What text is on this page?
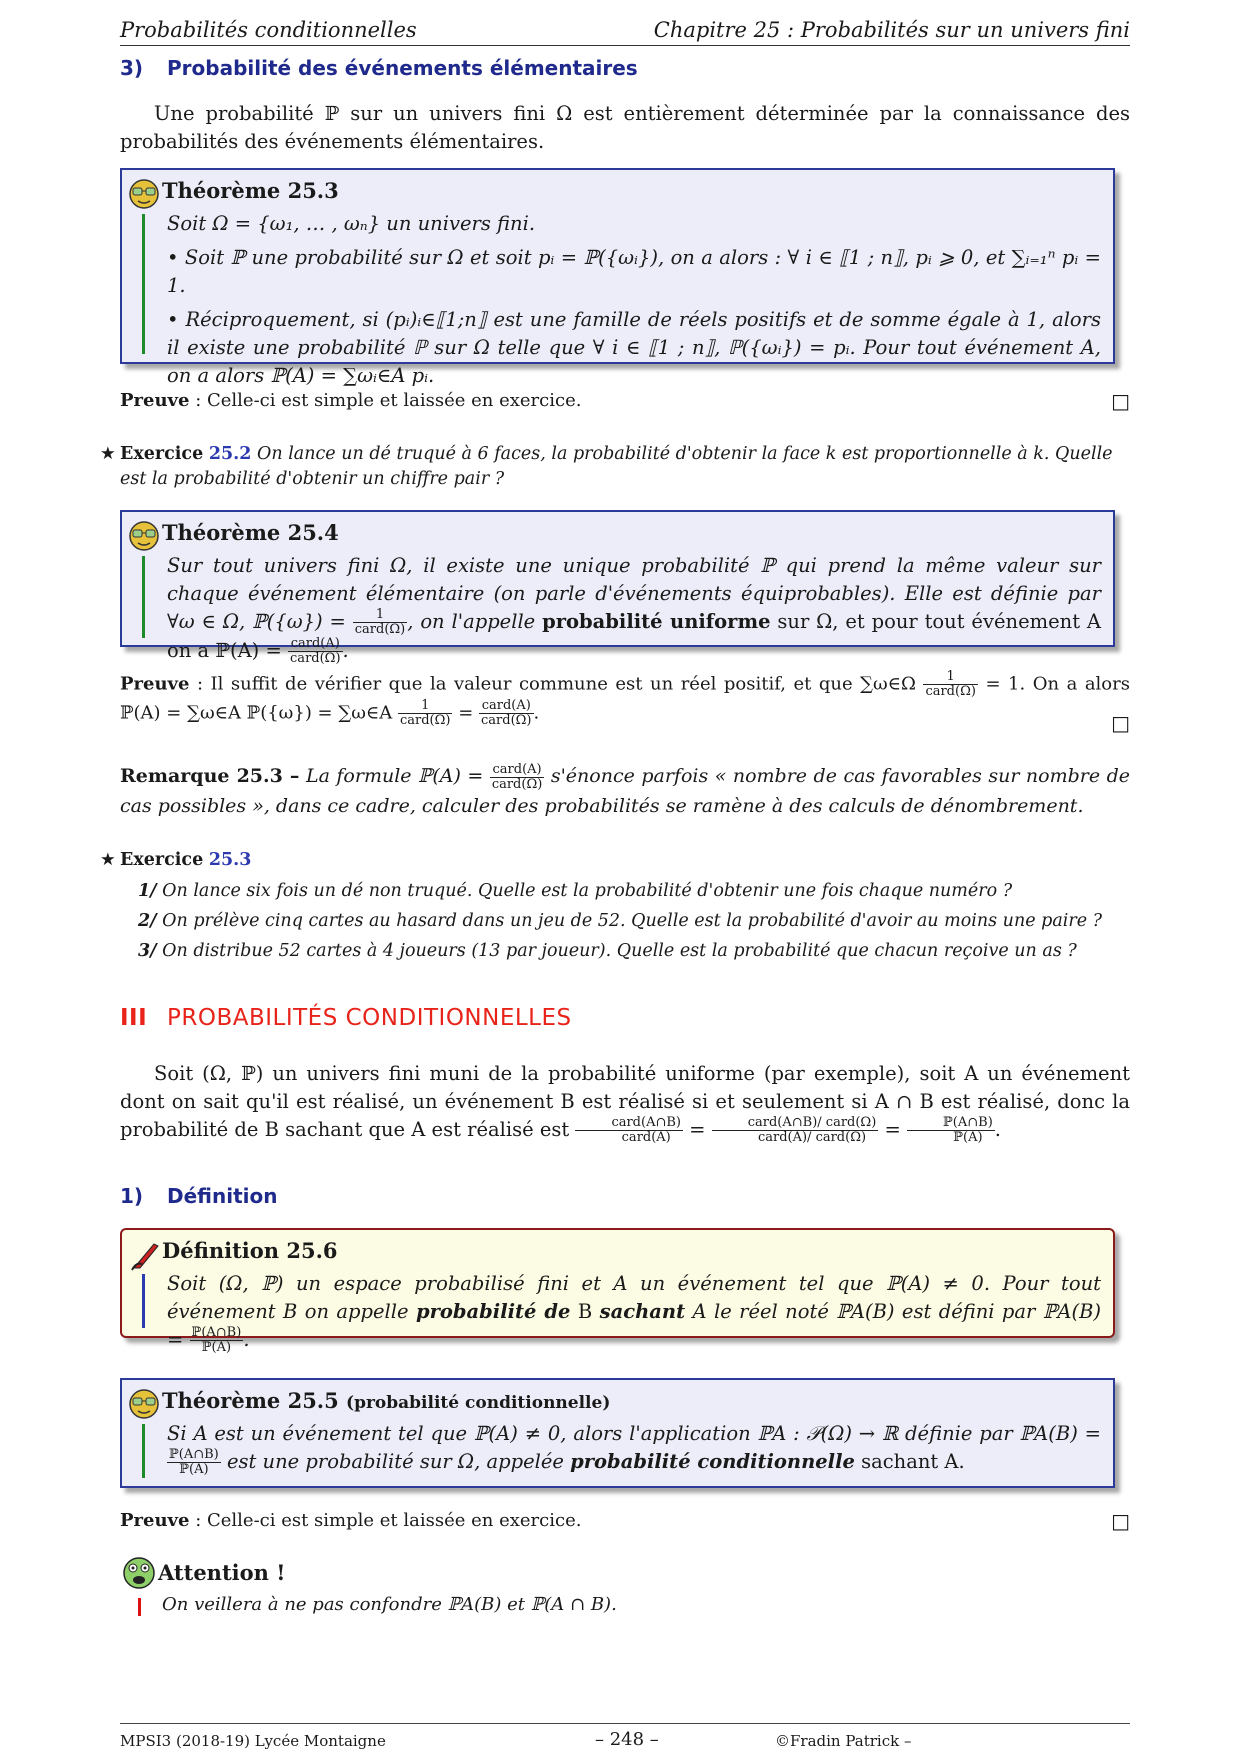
Probabilités conditionnelles	Chapitre 25 : Probabilités sur un univers fini
3) Probabilité des événements élémentaires
Une probabilité ℙ sur un univers fini Ω est entièrement déterminée par la connaissance des probabilités des événements élémentaires.
Théorème 25.3
Soit Ω = {ω₁, … , ωₙ} un univers fini.
• Soit ℙ une probabilité sur Ω et soit pᵢ = ℙ({ωᵢ}), on a alors : ∀ i ∈ ⟦1 ; n⟧, pᵢ ⩾ 0, et ∑ᵢ₌₁ⁿ pᵢ = 1.
• Réciproquement, si (pᵢ)ᵢ∈⟦1;n⟧ est une famille de réels positifs et de somme égale à 1, alors il existe une probabilité ℙ sur Ω telle que ∀ i ∈ ⟦1 ; n⟧, ℙ({ωᵢ}) = pᵢ. Pour tout événement A, on a alors ℙ(A) = ∑ωᵢ∈A pᵢ.
Preuve : Celle-ci est simple et laissée en exercice.	□
★ Exercice 25.2 On lance un dé truqué à 6 faces, la probabilité d'obtenir la face k est proportionnelle à k. Quelle est la probabilité d'obtenir un chiffre pair ?
Théorème 25.4
Sur tout univers fini Ω, il existe une unique probabilité ℙ qui prend la même valeur sur chaque événement élémentaire (on parle d'événements équiprobables). Elle est définie par ∀ω ∈ Ω, ℙ({ω}) = $\frac{1}{\text{card(Ω)}}$ , on l'appelle probabilité uniforme sur Ω, et pour tout événement A on a ℙ(A) = $\frac{\text{card(A)}}{\text{card(Ω)}}$ .
Preuve : Il suffit de vérifier que la valeur commune est un réel positif, et que ∑ω∈Ω $\frac{1}{\text{card(Ω)}} = 1$. On a alors ℙ(A) = ∑ω∈A ℙ({ω}) = ∑ω∈A $\frac{1}{\text{card(Ω)}} = \frac{\text{card(A)}}{\text{card(Ω)}}$ .	□
Remarque 25.3 – La formule ℙ(A) = $\frac{\text{card(A)}}{\text{card(Ω)}}$ s'énonce parfois « nombre de cas favorables sur nombre de cas possibles », dans ce cadre, calculer des probabilités se ramène à des calculs de dénombrement.
★ Exercice 25.3
1/ On lance six fois un dé non truqué. Quelle est la probabilité d'obtenir une fois chaque numéro ?
2/ On prélève cinq cartes au hasard dans un jeu de 52. Quelle est la probabilité d'avoir au moins une paire ?
3/ On distribue 52 cartes à 4 joueurs (13 par joueur). Quelle est la probabilité que chacun reçoive un as ?
III PROBABILITÉS CONDITIONNELLES
Soit (Ω, ℙ) un univers fini muni de la probabilité uniforme (par exemple), soit A un événement dont on sait qu'il est réalisé, un événement B est réalisé si et seulement si A ∩ B est réalisé, donc la probabilité de B sachant que A est réalisé est $\frac{\text{card(A∩B)}}{\text{card(A)}} = \frac{\text{card(A∩B)/ card(Ω)}}{\text{card(A)/ card(Ω)}} = \frac{\text{ℙ(A∩B)}}{\text{ℙ(A)}}$ .
1) Définition
Définition 25.6
Soit (Ω, ℙ) un espace probabilisé fini et A un événement tel que ℙ(A) ≠ 0. Pour tout événement B on appelle probabilité de B sachant A le réel noté ℙA(B) est défini par ℙA(B) = $\frac{\text{ℙ(A∩B)}}{\text{ℙ(A)}}$ .
Théorème 25.5 (probabilité conditionnelle)
Si A est un événement tel que ℙ(A) ≠ 0, alors l'application ℙA : 𝒫(Ω) → ℝ définie par ℙA(B) =
$\frac{\text{ℙ(A∩B)}}{\text{ℙ(A)}}$ est une probabilité sur Ω, appelée probabilité conditionnelle sachant A.
Preuve : Celle-ci est simple et laissée en exercice.	□
Attention !
On veillera à ne pas confondre ℙA(B) et ℙ(A ∩ B).
MPSI3 (2018-19) Lycée Montaigne	– 248 –	©Fradin Patrick –
